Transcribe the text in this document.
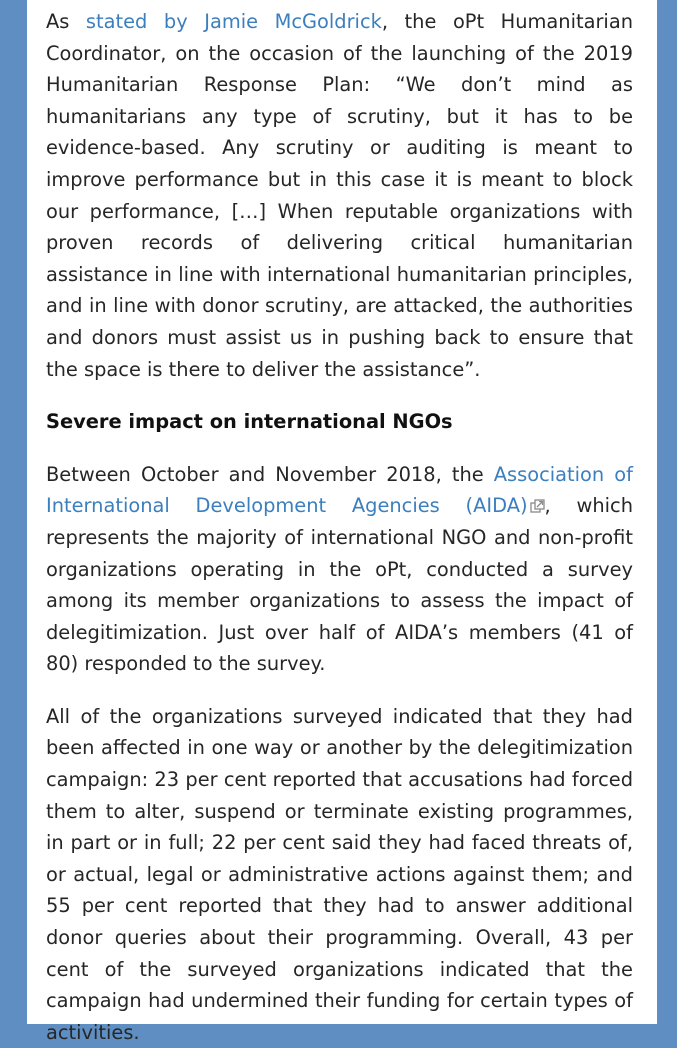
As stated by Jamie McGoldrick, the oPt Humanitarian Coordinator, on the occasion of the launching of the 2019 Humanitarian Response Plan: “We don’t mind as humanitarians any type of scrutiny, but it has to be evidence-based. Any scrutiny or auditing is meant to improve performance but in this case it is meant to block our performance, […] When reputable organizations with proven records of delivering critical humanitarian assistance in line with international humanitarian principles, and in line with donor scrutiny, are attacked, the authorities and donors must assist us in pushing back to ensure that the space is there to deliver the assistance”.

Severe impact on international NGOs

Between October and November 2018, the Association of International Development Agencies (AIDA) , which represents the majority of international NGO and non-profit organizations operating in the oPt, conducted a survey among its member organizations to assess the impact of delegitimization. Just over half of AIDA’s members (41 of 80) responded to the survey.

All of the organizations surveyed indicated that they had been affected in one way or another by the delegitimization campaign: 23 per cent reported that accusations had forced them to alter, suspend or terminate existing programmes, in part or in full; 22 per cent said they had faced threats of, or actual, legal or administrative actions against them; and 55 per cent reported that they had to answer additional donor queries about their programming. Overall, 43 per cent of the surveyed organizations indicated that the campaign had undermined their funding for certain types of activities.
